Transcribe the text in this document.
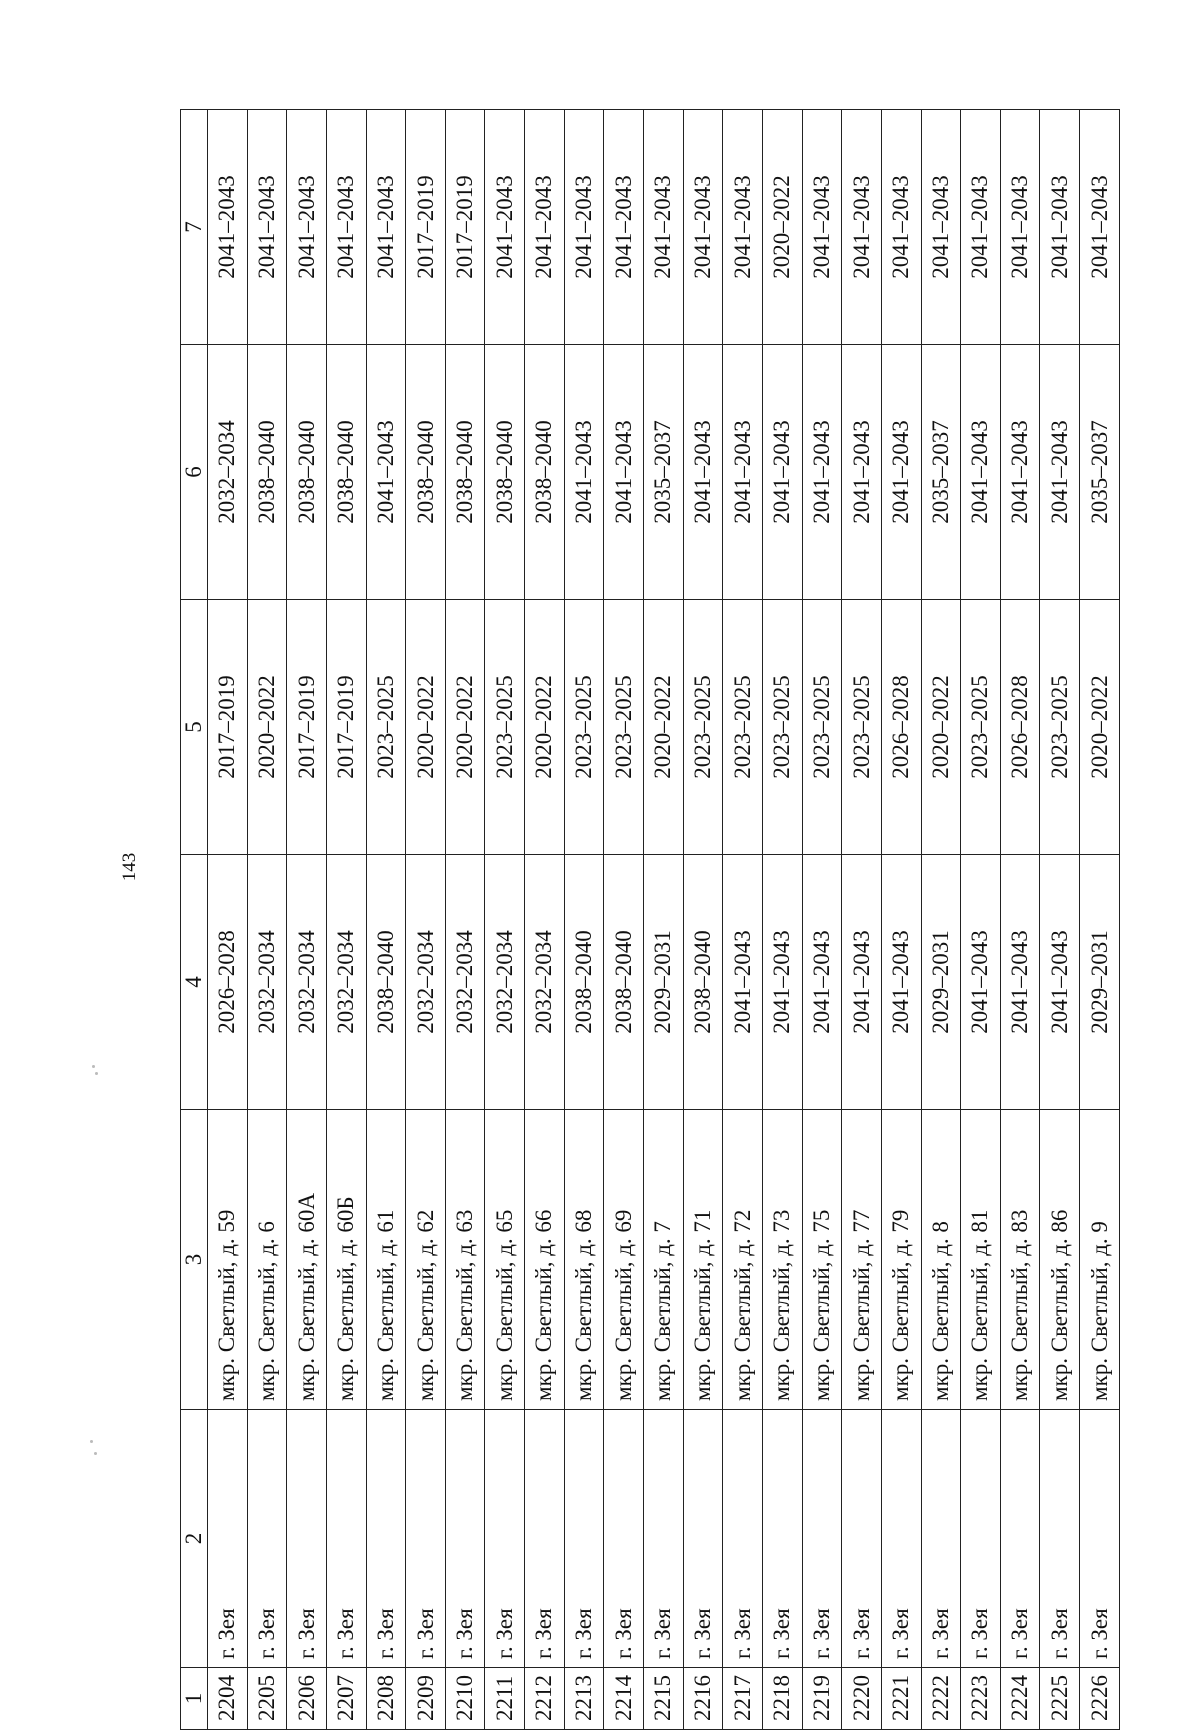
143
1	2	3	4	5	6	7
2204	г. Зея	мкр. Светлый, д. 59	2026–2028	2017–2019	2032–2034	2041–2043
2205	г. Зея	мкр. Светлый, д. 6	2032–2034	2020–2022	2038–2040	2041–2043
2206	г. Зея	мкр. Светлый, д. 60А	2032–2034	2017–2019	2038–2040	2041–2043
2207	г. Зея	мкр. Светлый, д. 60Б	2032–2034	2017–2019	2038–2040	2041–2043
2208	г. Зея	мкр. Светлый, д. 61	2038–2040	2023–2025	2041–2043	2041–2043
2209	г. Зея	мкр. Светлый, д. 62	2032–2034	2020–2022	2038–2040	2017–2019
2210	г. Зея	мкр. Светлый, д. 63	2032–2034	2020–2022	2038–2040	2017–2019
2211	г. Зея	мкр. Светлый, д. 65	2032–2034	2023–2025	2038–2040	2041–2043
2212	г. Зея	мкр. Светлый, д. 66	2032–2034	2020–2022	2038–2040	2041–2043
2213	г. Зея	мкр. Светлый, д. 68	2038–2040	2023–2025	2041–2043	2041–2043
2214	г. Зея	мкр. Светлый, д. 69	2038–2040	2023–2025	2041–2043	2041–2043
2215	г. Зея	мкр. Светлый, д. 7	2029–2031	2020–2022	2035–2037	2041–2043
2216	г. Зея	мкр. Светлый, д. 71	2038–2040	2023–2025	2041–2043	2041–2043
2217	г. Зея	мкр. Светлый, д. 72	2041–2043	2023–2025	2041–2043	2041–2043
2218	г. Зея	мкр. Светлый, д. 73	2041–2043	2023–2025	2041–2043	2020–2022
2219	г. Зея	мкр. Светлый, д. 75	2041–2043	2023–2025	2041–2043	2041–2043
2220	г. Зея	мкр. Светлый, д. 77	2041–2043	2023–2025	2041–2043	2041–2043
2221	г. Зея	мкр. Светлый, д. 79	2041–2043	2026–2028	2041–2043	2041–2043
2222	г. Зея	мкр. Светлый, д. 8	2029–2031	2020–2022	2035–2037	2041–2043
2223	г. Зея	мкр. Светлый, д. 81	2041–2043	2023–2025	2041–2043	2041–2043
2224	г. Зея	мкр. Светлый, д. 83	2041–2043	2026–2028	2041–2043	2041–2043
2225	г. Зея	мкр. Светлый, д. 86	2041–2043	2023–2025	2041–2043	2041–2043
2226	г. Зея	мкр. Светлый, д. 9	2029–2031	2020–2022	2035–2037	2041–2043
